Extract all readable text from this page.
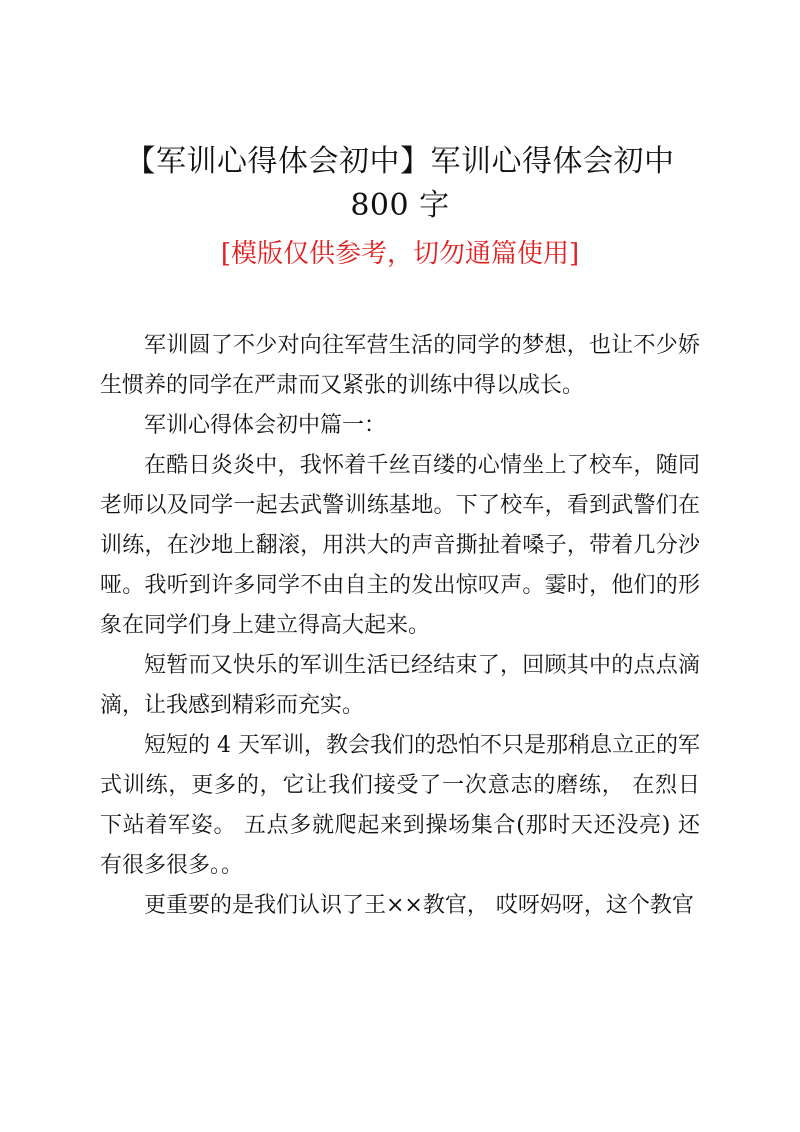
【军训心得体会初中】军训心得体会初中 800 字
[模版仅供参考，切勿通篇使用]

军训圆了不少对向往军营生活的同学的梦想，也让不少娇生惯养的同学在严肃而又紧张的训练中得以成长。

军训心得体会初中篇一：

在酷日炎炎中，我怀着千丝百缕的心情坐上了校车，随同老师以及同学一起去武警训练基地。下了校车，看到武警们在训练，在沙地上翻滚，用洪大的声音撕扯着嗓子，带着几分沙哑。我听到许多同学不由自主的发出惊叹声。霎时，他们的形象在同学们身上建立得高大起来。

短暂而又快乐的军训生活已经结束了，回顾其中的点点滴滴，让我感到精彩而充实。

短短的 4 天军训，教会我们的恐怕不只是那稍息立正的军式训练，更多的，它让我们接受了一次意志的磨练， 在烈日下站着军姿。 五点多就爬起来到操场集合(那时天还没亮) 还有很多很多。。

更重要的是我们认识了王××教官， 哎呀妈呀，这个教官
